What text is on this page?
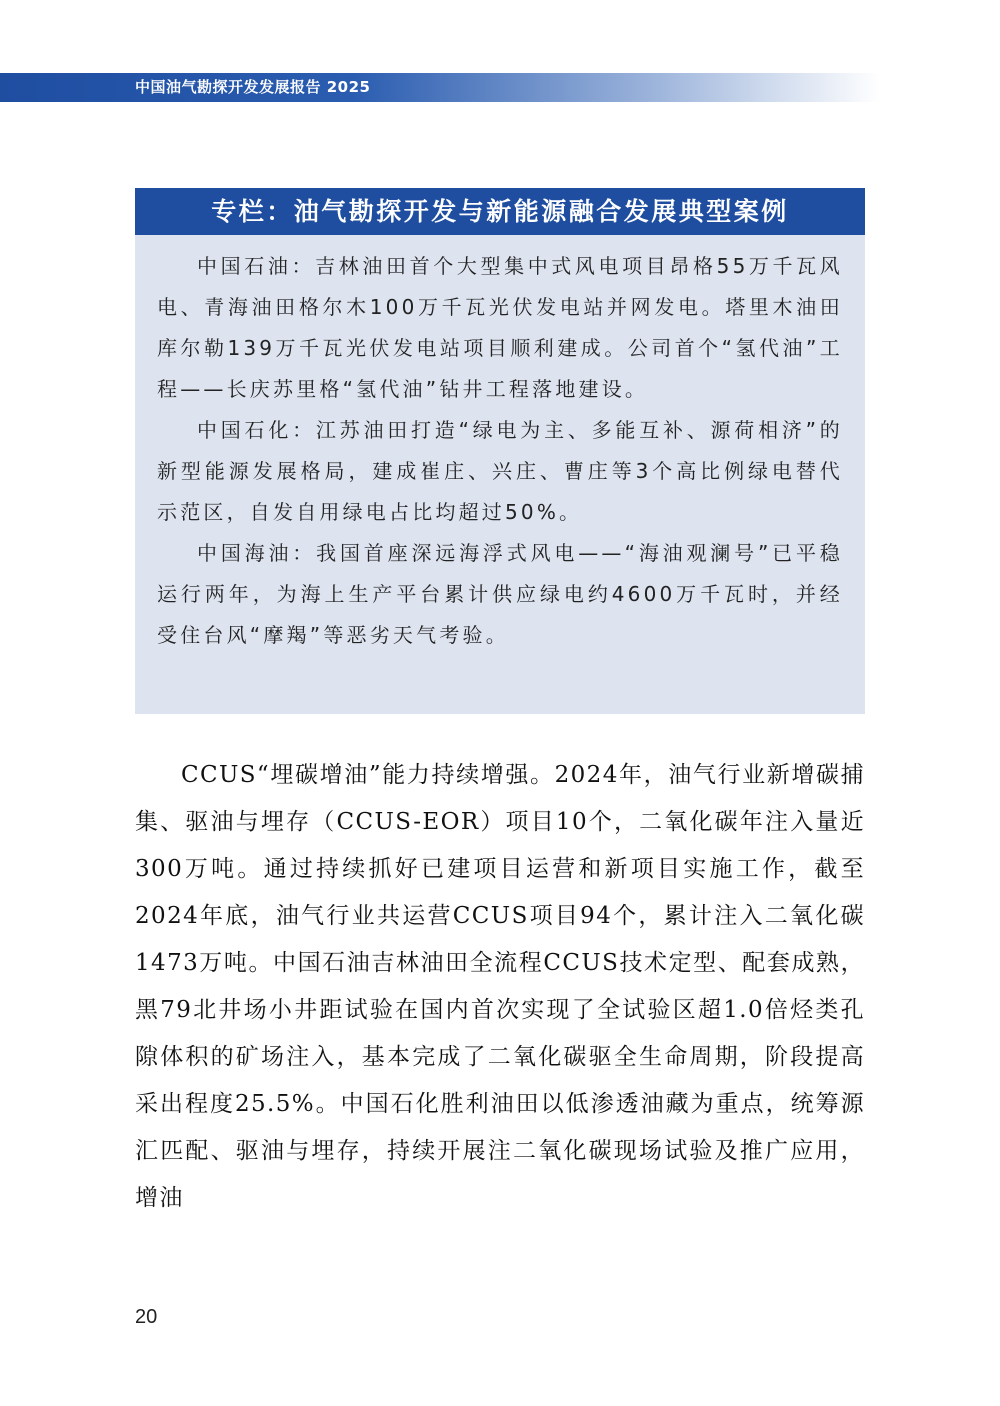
中国油气勘探开发发展报告 2025
专栏：油气勘探开发与新能源融合发展典型案例

中国石油：吉林油田首个大型集中式风电项目昂格55万千瓦风电、青海油田格尔木100万千瓦光伏发电站并网发电。塔里木油田库尔勒139万千瓦光伏发电站项目顺利建成。公司首个“氢代油”工程——长庆苏里格“氢代油”钻井工程落地建设。

中国石化：江苏油田打造“绿电为主、多能互补、源荷相济”的新型能源发展格局，建成崔庄、兴庄、曹庄等3个高比例绿电替代示范区，自发自用绿电占比均超过50%。

中国海油：我国首座深远海浮式风电——“海油观澜号”已平稳运行两年，为海上生产平台累计供应绿电约4600万千瓦时，并经受住台风“摩羯”等恶劣天气考验。

CCUS“埋碳增油”能力持续增强。2024年，油气行业新增碳捕集、驱油与埋存（CCUS-EOR）项目10个，二氧化碳年注入量近300万吨。通过持续抓好已建项目运营和新项目实施工作，截至2024年底，油气行业共运营CCUS项目94个，累计注入二氧化碳1473万吨。中国石油吉林油田全流程CCUS技术定型、配套成熟，黑79北井场小井距试验在国内首次实现了全试验区超1.0倍烃类孔隙体积的矿场注入，基本完成了二氧化碳驱全生命周期，阶段提高采出程度25.5%。中国石化胜利油田以低渗透油藏为重点，统筹源汇匹配、驱油与埋存，持续开展注二氧化碳现场试验及推广应用，增油

20
